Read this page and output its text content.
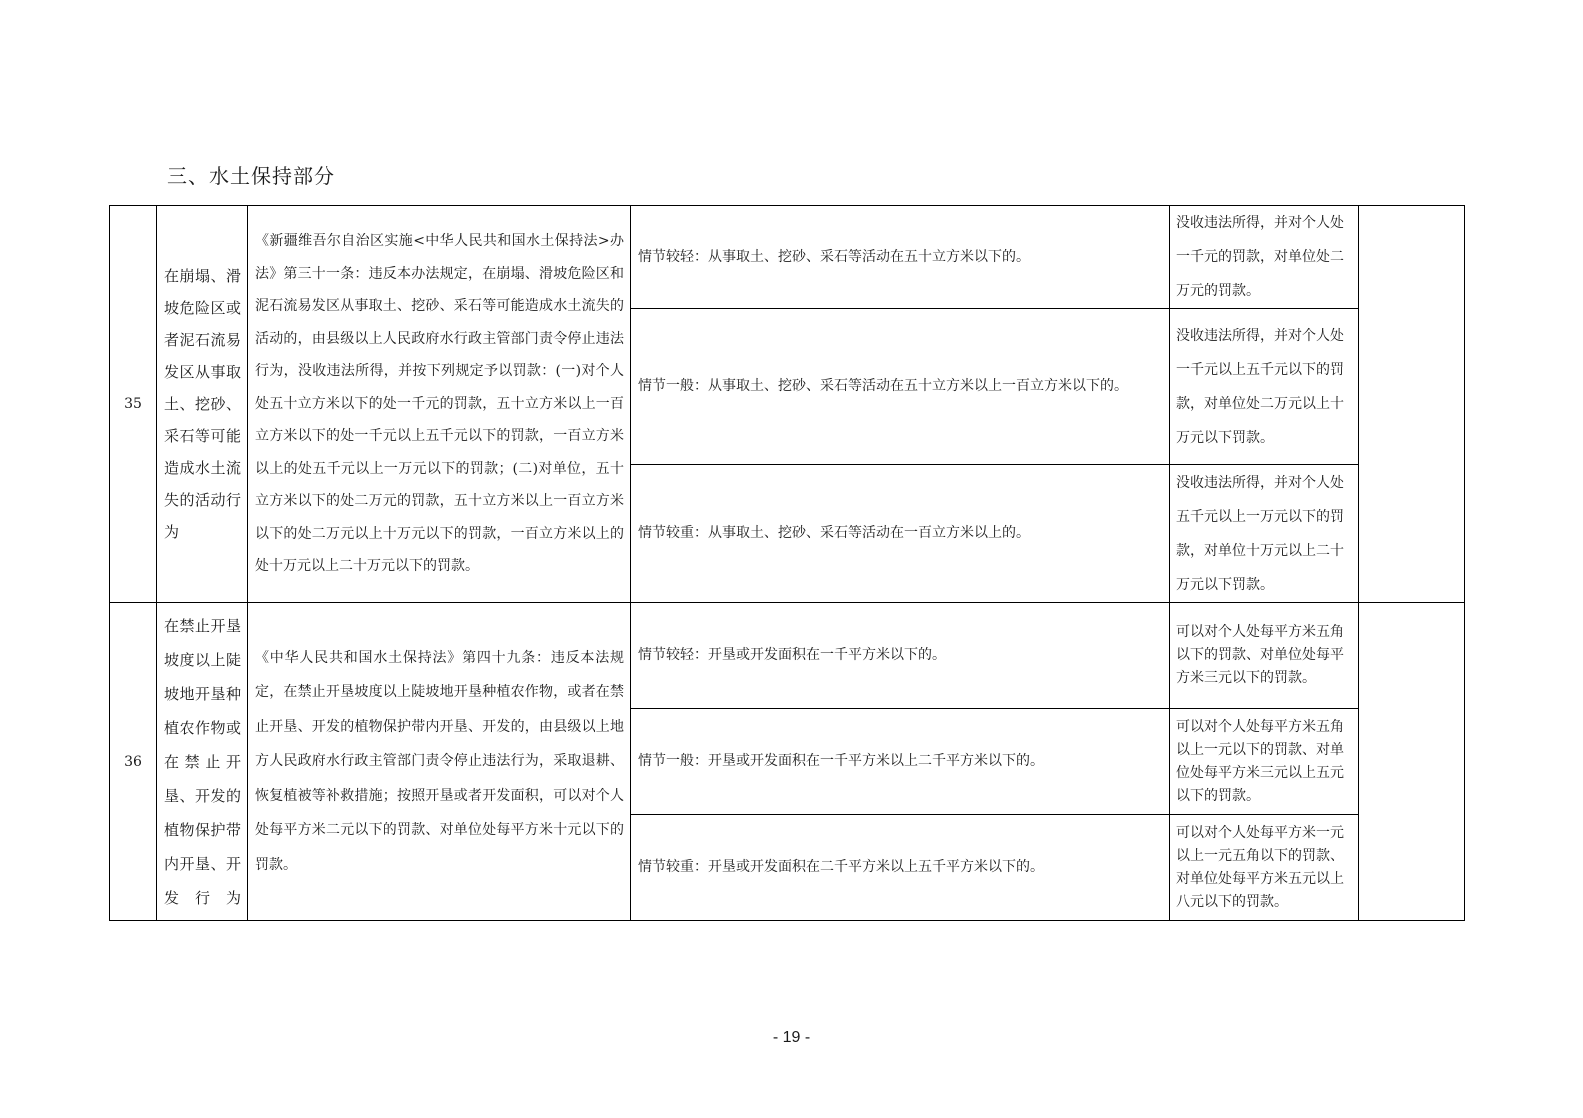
三、水土保持部分
35	在崩塌、滑坡危险区或者泥石流易发区从事取土、挖砂、采石等可能造成水土流失的活动行为	《新疆维吾尔自治区实施<中华人民共和国水土保持法>办法》第三十一条：违反本办法规定，在崩塌、滑坡危险区和泥石流易发区从事取土、挖砂、采石等可能造成水土流失的活动的，由县级以上人民政府水行政主管部门责令停止违法行为，没收违法所得，并按下列规定予以罚款：(一)对个人处五十立方米以下的处一千元的罚款，五十立方米以上一百立方米以下的处一千元以上五千元以下的罚款，一百立方米以上的处五千元以上一万元以下的罚款；(二)对单位，五十立方米以下的处二万元的罚款，五十立方米以上一百立方米以下的处二万元以上十万元以下的罚款，一百立方米以上的处十万元以上二十万元以下的罚款。	情节较轻：从事取土、挖砂、采石等活动在五十立方米以下的。	没收违法所得，并对个人处一千元的罚款，对单位处二万元的罚款。	
			情节一般：从事取土、挖砂、采石等活动在五十立方米以上一百立方米以下的。	没收违法所得，并对个人处一千元以上五千元以下的罚款，对单位处二万元以上十万元以下罚款。	
			情节较重：从事取土、挖砂、采石等活动在一百立方米以上的。	没收违法所得，并对个人处五千元以上一万元以下的罚款，对单位十万元以上二十万元以下罚款。	
36	在禁止开垦坡度以上陡坡地开垦种植农作物或在禁止开垦、开发的植物保护带内开垦、开发行为	《中华人民共和国水土保持法》第四十九条：违反本法规定，在禁止开垦坡度以上陡坡地开垦种植农作物，或者在禁止开垦、开发的植物保护带内开垦、开发的，由县级以上地方人民政府水行政主管部门责令停止违法行为，采取退耕、恢复植被等补救措施；按照开垦或者开发面积，可以对个人处每平方米二元以下的罚款、对单位处每平方米十元以下的罚款。	情节较轻：开垦或开发面积在一千平方米以下的。	可以对个人处每平方米五角以下的罚款、对单位处每平方米三元以下的罚款。	
			情节一般：开垦或开发面积在一千平方米以上二千平方米以下的。	可以对个人处每平方米五角以上一元以下的罚款、对单位处每平方米三元以上五元以下的罚款。	
			情节较重：开垦或开发面积在二千平方米以上五千平方米以下的。	可以对个人处每平方米一元以上一元五角以下的罚款、对单位处每平方米五元以上八元以下的罚款。	
- 19 -
